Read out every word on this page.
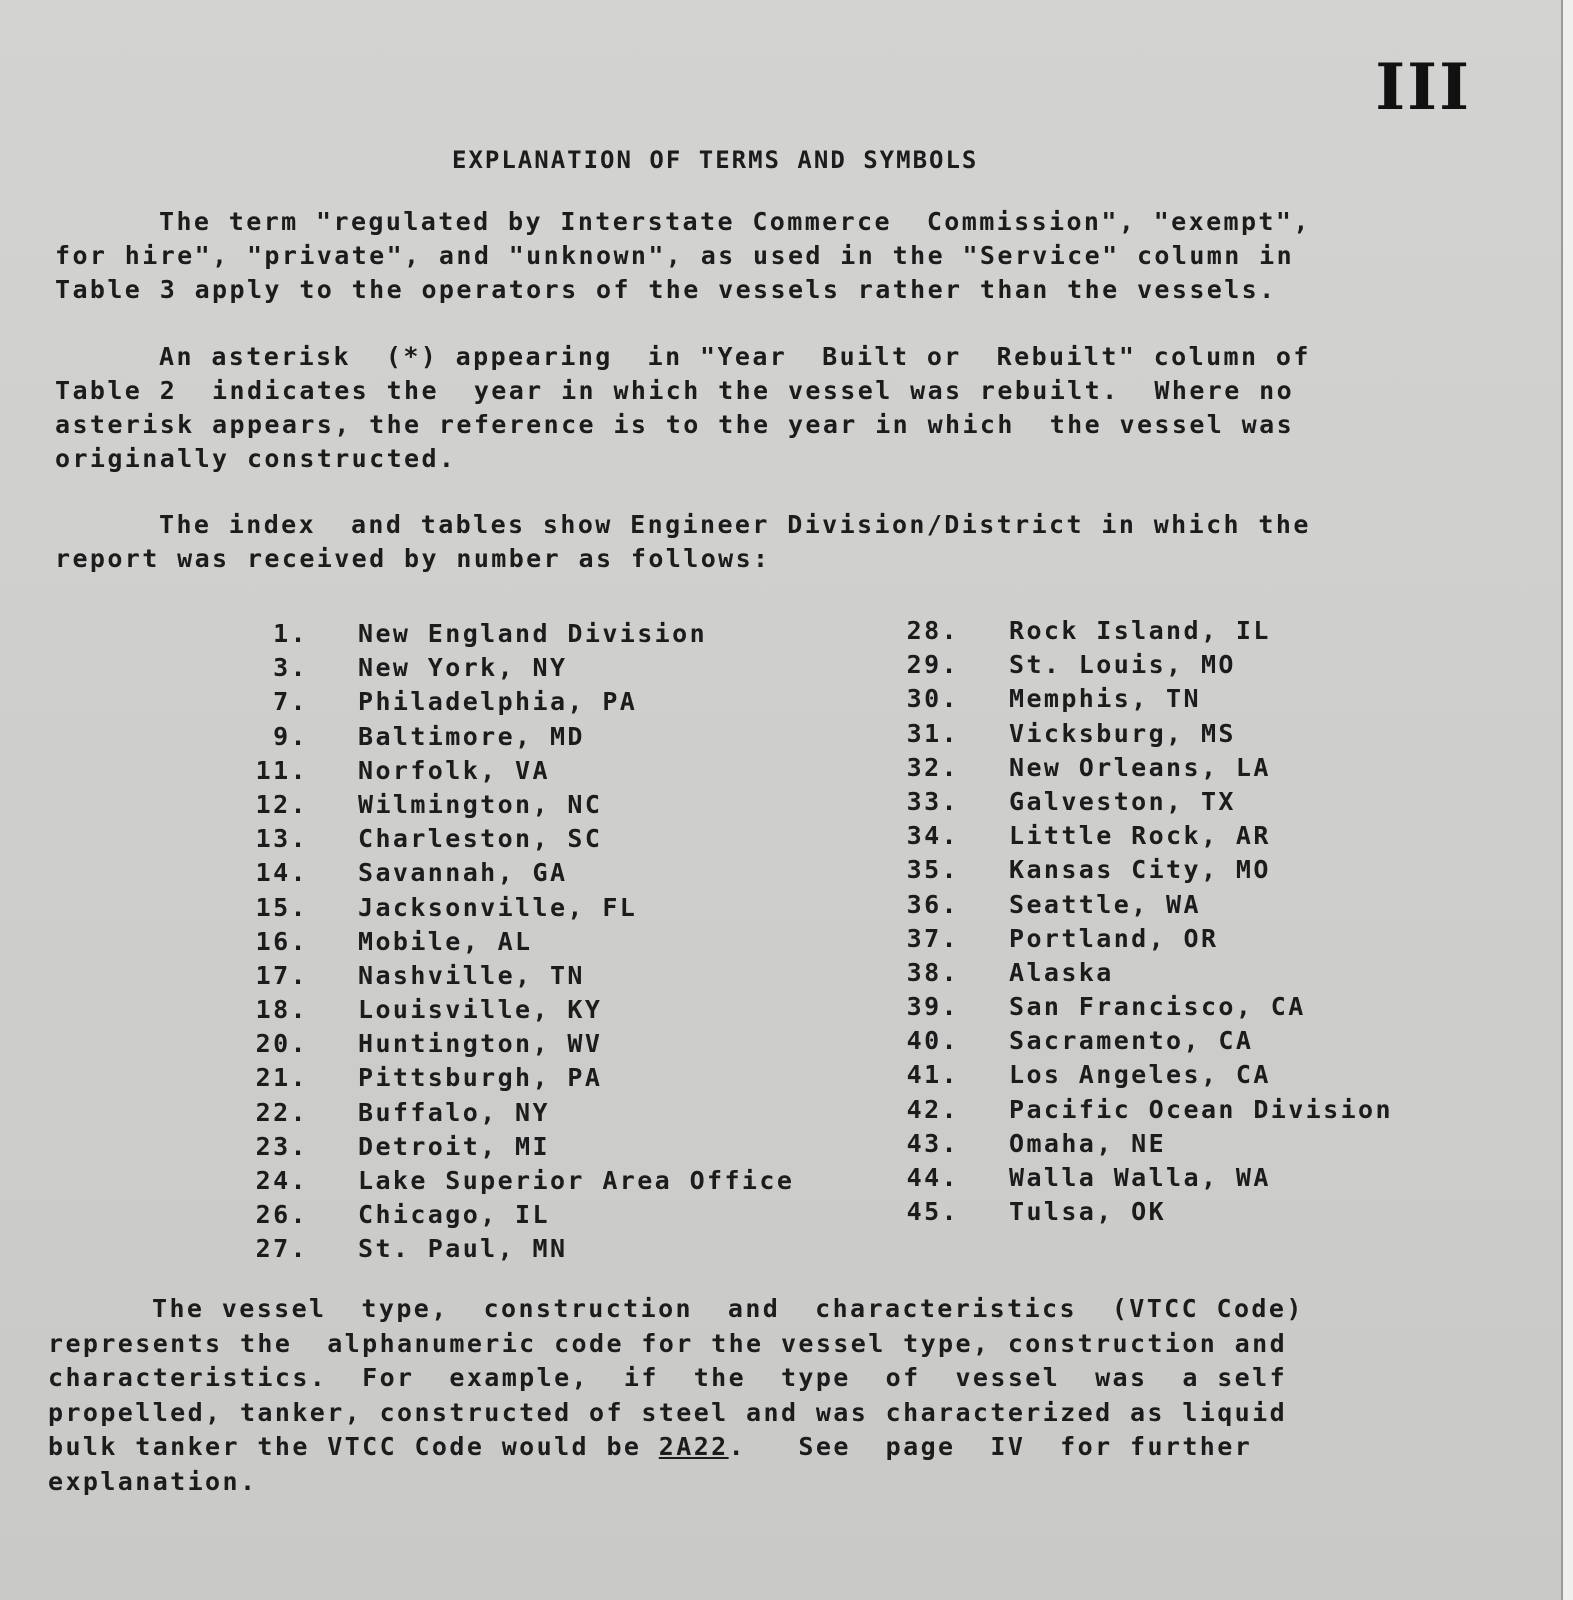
III
EXPLANATION OF TERMS AND SYMBOLS
The term "regulated by Interstate Commerce  Commission", "exempt",
for hire", "private", and "unknown", as used in the "Service" column in
Table 3 apply to the operators of the vessels rather than the vessels.
An asterisk  (*) appearing  in "Year  Built or  Rebuilt" column of
Table 2  indicates the  year in which the vessel was rebuilt.  Where no
asterisk appears, the reference is to the year in which  the vessel was
originally constructed.
The index  and tables show Engineer Division/District in which the
report was received by number as follows:
1. New England Division
3. New York, NY
7. Philadelphia, PA
9. Baltimore, MD
11. Norfolk, VA
12. Wilmington, NC
13. Charleston, SC
14. Savannah, GA
15. Jacksonville, FL
16. Mobile, AL
17. Nashville, TN
18. Louisville, KY
20. Huntington, WV
21. Pittsburgh, PA
22. Buffalo, NY
23. Detroit, MI
24. Lake Superior Area Office
26. Chicago, IL
27. St. Paul, MN
28. Rock Island, IL
29. St. Louis, MO
30. Memphis, TN
31. Vicksburg, MS
32. New Orleans, LA
33. Galveston, TX
34. Little Rock, AR
35. Kansas City, MO
36. Seattle, WA
37. Portland, OR
38. Alaska
39. San Francisco, CA
40. Sacramento, CA
41. Los Angeles, CA
42. Pacific Ocean Division
43. Omaha, NE
44. Walla Walla, WA
45. Tulsa, OK
The vessel  type,  construction  and  characteristics  (VTCC Code)
represents the  alphanumeric code for the vessel type, construction and
characteristics.  For  example,  if  the  type  of  vessel  was  a self
propelled, tanker, constructed of steel and was characterized as liquid
bulk tanker the VTCC Code would be 2A22.   See  page  IV  for further
explanation.
